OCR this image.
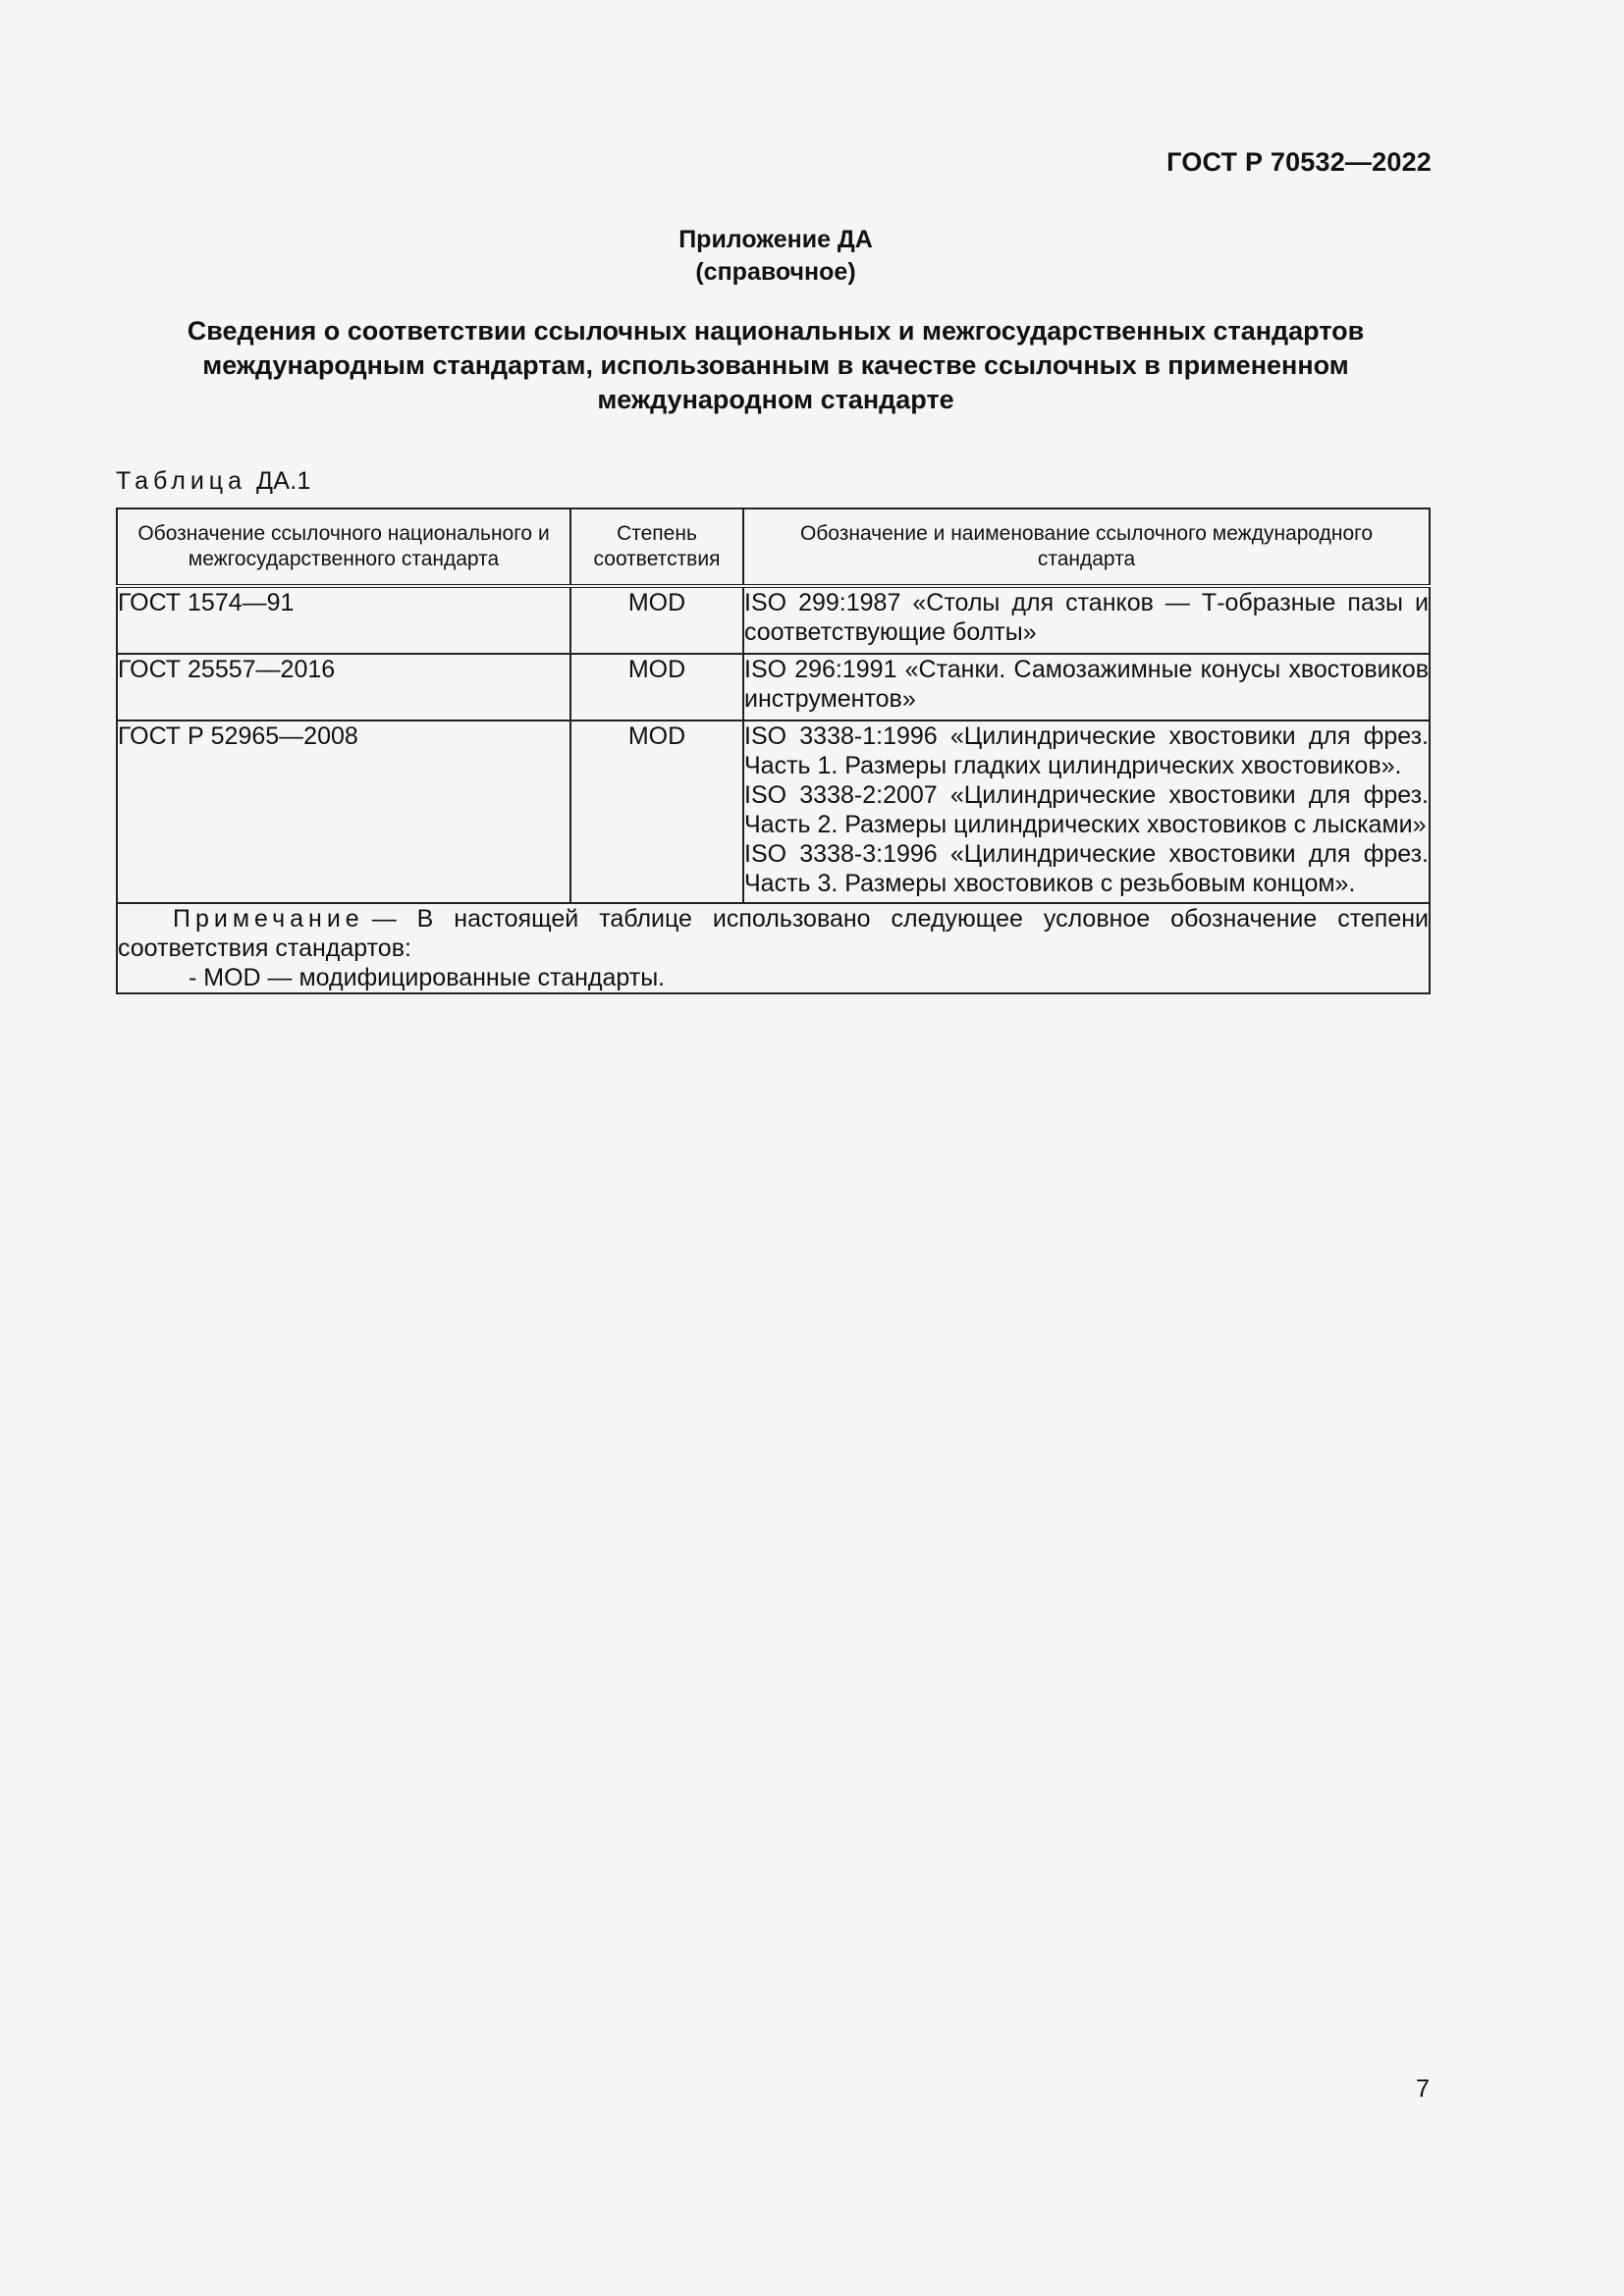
ГОСТ Р 70532—2022
Приложение ДА
(справочное)
Сведения о соответствии ссылочных национальных и межгосударственных стандартов
международным стандартам, использованным в качестве ссылочных в примененном
международном стандарте
Таблица ДА.1
Обозначение ссылочного национального и межгосударственного стандарта	Степень соответствия	Обозначение и наименование ссылочного международного стандарта
ГОСТ 1574—91	MOD	ISO 299:1987 «Столы для станков — Т-образные пазы и соответствующие болты»

ГОСТ 25557—2016	MOD	ISO 296:1991 «Станки. Самозажимные конусы хвостовиков инструментов»

ГОСТ Р 52965—2008	MOD	ISO 3338-1:1996 «Цилиндрические хвостовики для фрез. Часть 1. Размеры гладких цилиндрических хвостовиков».
ISO 3338-2:2007 «Цилиндрические хвостовики для фрез. Часть 2. Размеры цилиндрических хвостовиков с лысками»
ISO 3338-3:1996 «Цилиндрические хвостовики для фрез. Часть 3. Размеры хвостовиков с резьбовым концом».

Примечание — В настоящей таблице использовано следующее условное обозначение степени соответствия стандартов:
- MOD — модифицированные стандарты.		
7
